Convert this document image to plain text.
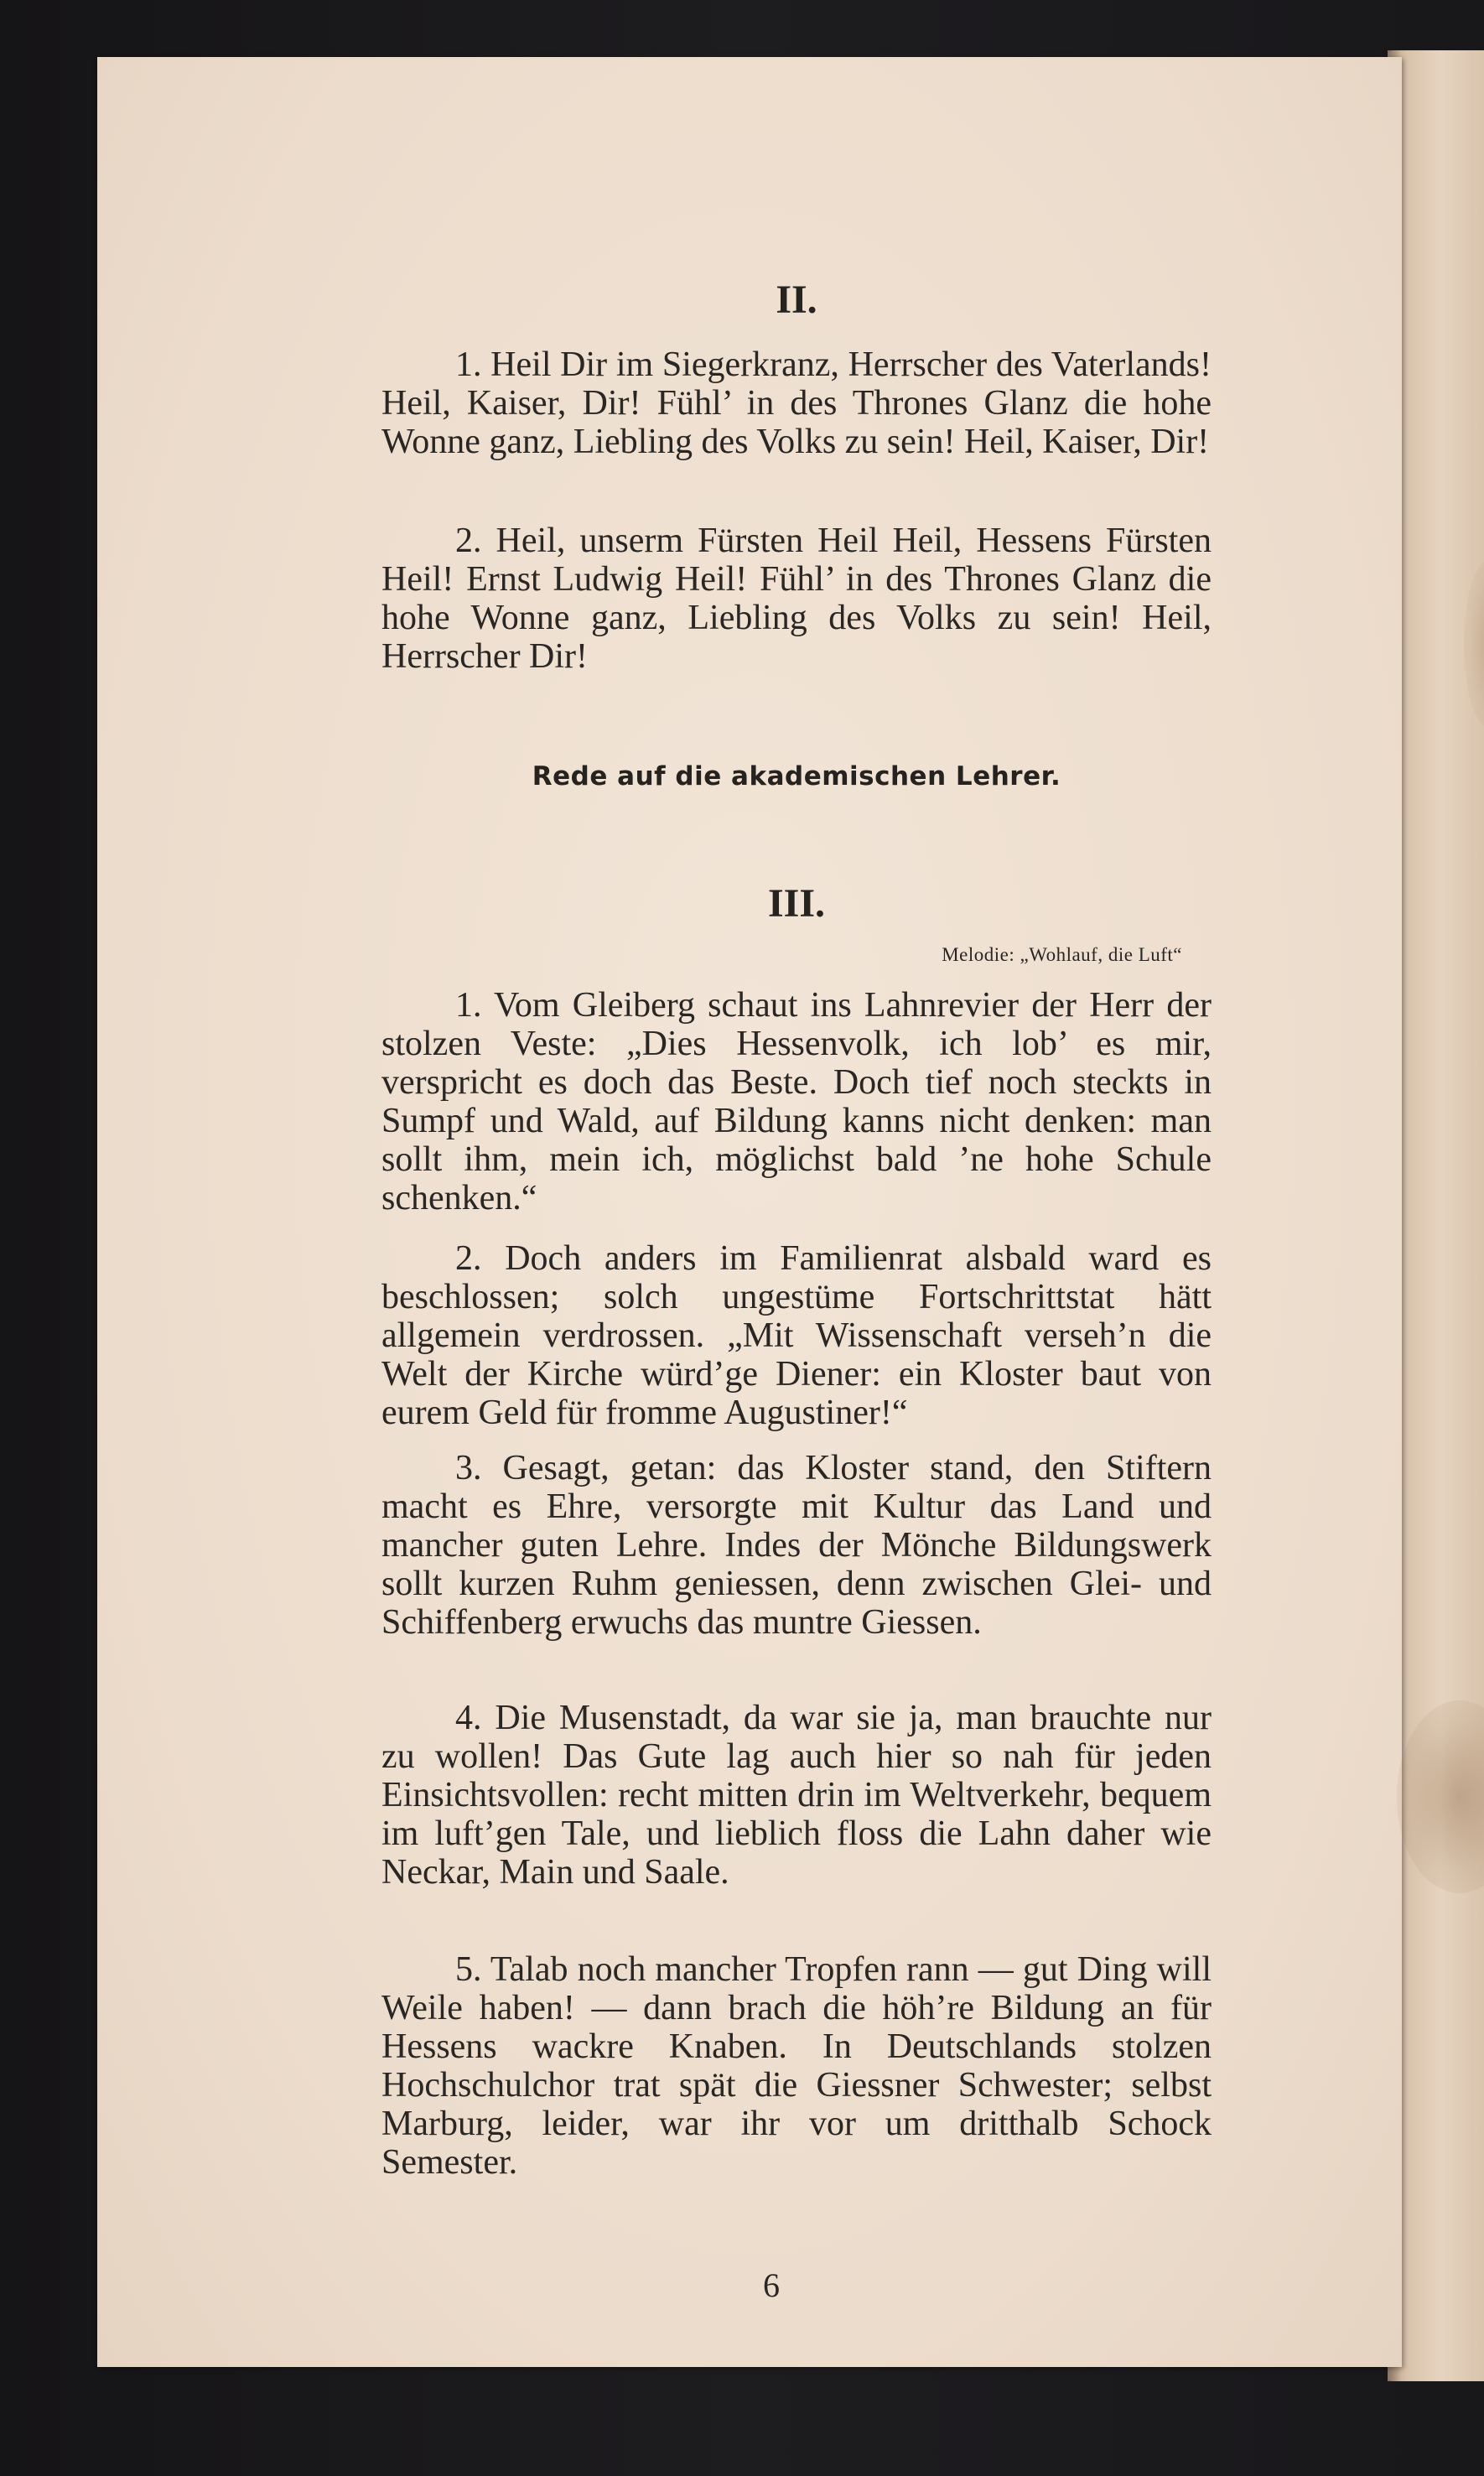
II.

1. Heil Dir im Siegerkranz, Herrscher des Vaterlands! Heil, Kaiser, Dir! Fühl’ in des Thrones Glanz die hohe Wonne ganz, Liebling des Volks zu sein! Heil, Kaiser, Dir!

2. Heil, unserm Fürsten Heil Heil, Hessens Fürsten Heil! Ernst Ludwig Heil! Fühl’ in des Thrones Glanz die hohe Wonne ganz, Liebling des Volks zu sein! Heil, Herrscher Dir!

Rede auf die akademischen Lehrer.
III.
Melodie: „Wohlauf, die Luft“

1. Vom Gleiberg schaut ins Lahnrevier der Herr der stolzen Veste: „Dies Hessenvolk, ich lob’ es mir, verspricht es doch das Beste. Doch tief noch steckts in Sumpf und Wald, auf Bildung kanns nicht denken: man sollt ihm, mein ich, möglichst bald ’ne hohe Schule schenken.“

2. Doch anders im Familienrat alsbald ward es beschlossen; solch ungestüme Fortschrittstat hätt allgemein verdrossen. „Mit Wissenschaft verseh’n die Welt der Kirche würd’ge Diener: ein Kloster baut von eurem Geld für fromme Augustiner!“

3. Gesagt, getan: das Kloster stand, den Stiftern macht es Ehre, versorgte mit Kultur das Land und mancher guten Lehre. Indes der Mönche Bildungswerk sollt kurzen Ruhm geniessen, denn zwischen Glei- und Schiffenberg erwuchs das muntre Giessen.

4. Die Musenstadt, da war sie ja, man brauchte nur zu wollen! Das Gute lag auch hier so nah für jeden Einsichtsvollen: recht mitten drin im Weltverkehr, bequem im luft’gen Tale, und lieblich floss die Lahn daher wie Neckar, Main und Saale.

5. Talab noch mancher Tropfen rann — gut Ding will Weile haben! — dann brach die höh’re Bildung an für Hessens wackre Knaben. In Deutschlands stolzen Hochschulchor trat spät die Giessner Schwester; selbst Marburg, leider, war ihr vor um dritthalb Schock Semester.

6
